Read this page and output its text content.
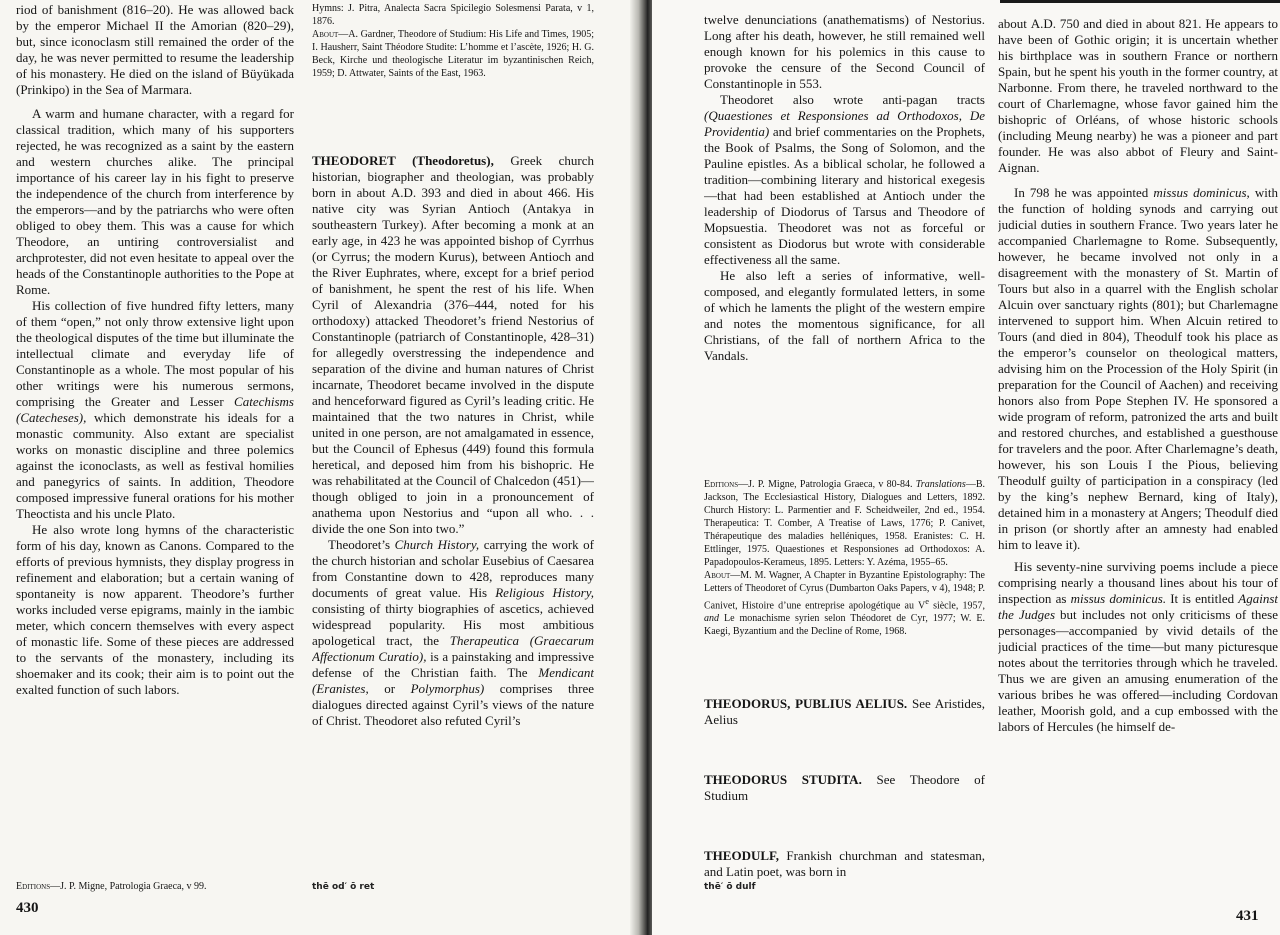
riod of banishment (816–20). He was allowed back by the emperor Michael II the Amorian (820–29), but, since iconoclasm still remained the order of the day, he was never permitted to resume the leadership of his monastery. He died on the island of Büyükada (Prinkipo) in the Sea of Marmara.

A warm and humane character, with a regard for classical tradition, which many of his supporters rejected, he was recognized as a saint by the eastern and western churches alike. The principal importance of his career lay in his fight to preserve the independence of the church from interference by the emperors—and by the patriarchs who were often obliged to obey them. This was a cause for which Theodore, an untiring controversialist and archprotester, did not even hesitate to appeal over the heads of the Constantinople authorities to the Pope at Rome.

His collection of five hundred fifty letters, many of them “open,” not only throw extensive light upon the theological disputes of the time but illuminate the intellectual climate and everyday life of Constantinople as a whole. The most popular of his other writings were his numerous sermons, comprising the Greater and Lesser Catechisms (Catecheses), which demonstrate his ideals for a monastic community. Also extant are specialist works on monastic discipline and three polemics against the iconoclasts, as well as festival homilies and panegyrics of saints. In addition, Theodore composed impressive funeral orations for his mother Theoctista and his uncle Plato.

He also wrote long hymns of the characteristic form of his day, known as Canons. Compared to the efforts of previous hymnists, they display progress in refinement and elaboration; but a certain waning of spontaneity is now apparent. Theodore’s further works included verse epigrams, mainly in the iambic meter, which concern themselves with every aspect of monastic life. Some of these pieces are addressed to the servants of the monastery, including its shoemaker and its cook; their aim is to point out the exalted function of such labors.

Editions—J. P. Migne, Patrologia Graeca, v 99.

Hymns: J. Pitra, Analecta Sacra Spicilegio Solesmensi Parata, v 1, 1876.

About—A. Gardner, Theodore of Studium: His Life and Times, 1905; I. Hausherr, Saint Théodore Studite: L’homme et l’ascète, 1926; H. G. Beck, Kirche und theologische Literatur im byzantinischen Reich, 1959; D. Attwater, Saints of the East, 1963.

THEODORET (Theodoretus), Greek church historian, biographer and theologian, was probably born in about A.D. 393 and died in about 466. His native city was Syrian Antioch (Antakya in southeastern Turkey). After becoming a monk at an early age, in 423 he was appointed bishop of Cyrrhus (or Cyrrus; the modern Kurus), between Antioch and the River Euphrates, where, except for a brief period of banishment, he spent the rest of his life. When Cyril of Alexandria (376–444, noted for his orthodoxy) attacked Theodoret’s friend Nestorius of Constantinople (patriarch of Constantinople, 428–31) for allegedly overstressing the independence and separation of the divine and human natures of Christ incarnate, Theodoret became involved in the dispute and henceforward figured as Cyril’s leading critic. He maintained that the two natures in Christ, while united in one person, are not amalgamated in essence, but the Council of Ephesus (449) found this formula heretical, and deposed him from his bishopric. He was rehabilitated at the Council of Chalcedon (451)—though obliged to join in a pronouncement of anathema upon Nestorius and “upon all who. . . divide the one Son into two.”

Theodoret’s Church History, carrying the work of the church historian and scholar Eusebius of Caesarea from Constantine down to 428, reproduces many documents of great value. His Religious History, consisting of thirty biographies of ascetics, achieved widespread popularity. His most ambitious apologetical tract, the Therapeutica (Graecarum Affectionum Curatio), is a painstaking and impressive defense of the Christian faith. The Mendicant (Eranistes, or Polymorphus) comprises three dialogues directed against Cyril’s views of the nature of Christ. Theodoret also refuted Cyril’s

thē od′ ō ret
430

twelve denunciations (anathematisms) of Nestorius. Long after his death, however, he still remained well enough known for his polemics in this cause to provoke the censure of the Second Council of Constantinople in 553.

Theodoret also wrote anti-pagan tracts (Quaestiones et Responsiones ad Orthodoxos, De Providentia) and brief commentaries on the Prophets, the Book of Psalms, the Song of Solomon, and the Pauline epistles. As a biblical scholar, he followed a tradition—combining literary and historical exegesis—that had been established at Antioch under the leadership of Diodorus of Tarsus and Theodore of Mopsuestia. Theodoret was not as forceful or consistent as Diodorus but wrote with considerable effectiveness all the same.

He also left a series of informative, well-composed, and elegantly formulated letters, in some of which he laments the plight of the western empire and notes the momentous significance, for all Christians, of the fall of northern Africa to the Vandals.

Editions—J. P. Migne, Patrologia Graeca, v 80-84. Translations—B. Jackson, The Ecclesiastical History, Dialogues and Letters, 1892. Church History: L. Parmentier and F. Scheidweiler, 2nd ed., 1954. Therapeutica: T. Comber, A Treatise of Laws, 1776; P. Canivet, Thérapeutique des maladies helléniques, 1958. Eranistes: C. H. Ettlinger, 1975. Quaestiones et Responsiones ad Orthodoxos: A. Papadopoulos-Kerameus, 1895. Letters: Y. Azéma, 1955–65.

About—M. M. Wagner, A Chapter in Byzantine Epistolography: The Letters of Theodoret of Cyrus (Dumbarton Oaks Papers, v 4), 1948; P. Canivet, Histoire d’une entreprise apologétique au Ve siècle, 1957, and Le monachisme syrien selon Théodoret de Cyr, 1977; W. E. Kaegi, Byzantium and the Decline of Rome, 1968.

THEODORUS, PUBLIUS AELIUS. See Aristides, Aelius
THEODORUS STUDITA. See Theodore of Studium
THEODULF, Frankish churchman and statesman, and Latin poet, was born in
thē′ ō dulf

about A.D. 750 and died in about 821. He appears to have been of Gothic origin; it is uncertain whether his birthplace was in southern France or northern Spain, but he spent his youth in the former country, at Narbonne. From there, he traveled northward to the court of Charlemagne, whose favor gained him the bishopric of Orléans, of whose historic schools (including Meung nearby) he was a pioneer and part founder. He was also abbot of Fleury and Saint-Aignan.

In 798 he was appointed missus dominicus, with the function of holding synods and carrying out judicial duties in southern France. Two years later he accompanied Charlemagne to Rome. Subsequently, however, he became involved not only in a disagreement with the monastery of St. Martin of Tours but also in a quarrel with the English scholar Alcuin over sanctuary rights (801); but Charlemagne intervened to support him. When Alcuin retired to Tours (and died in 804), Theodulf took his place as the emperor’s counselor on theological matters, advising him on the Procession of the Holy Spirit (in preparation for the Council of Aachen) and receiving honors also from Pope Stephen IV. He sponsored a wide program of reform, patronized the arts and built and restored churches, and established a guesthouse for travelers and the poor. After Charlemagne’s death, however, his son Louis I the Pious, believing Theodulf guilty of participation in a conspiracy (led by the king’s nephew Bernard, king of Italy), detained him in a monastery at Angers; Theodulf died in prison (or shortly after an amnesty had enabled him to leave it).

His seventy-nine surviving poems include a piece comprising nearly a thousand lines about his tour of inspection as missus dominicus. It is entitled Against the Judges but includes not only criticisms of these personages—accompanied by vivid details of the judicial practices of the time—but many picturesque notes about the territories through which he traveled. Thus we are given an amusing enumeration of the various bribes he was offered—including Cordovan leather, Moorish gold, and a cup embossed with the labors of Hercules (he himself de-

431
